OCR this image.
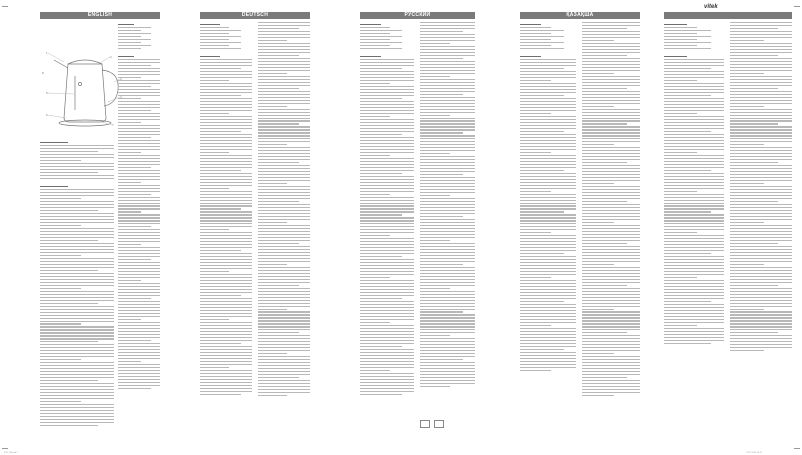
vitek
ENGLISH	DEUTSCH	РУССКИЙ	ҚАЗАҚША
1
2
3
4
5
6
7
8
3711_IM.indd 1	29.12.2021 14:52
